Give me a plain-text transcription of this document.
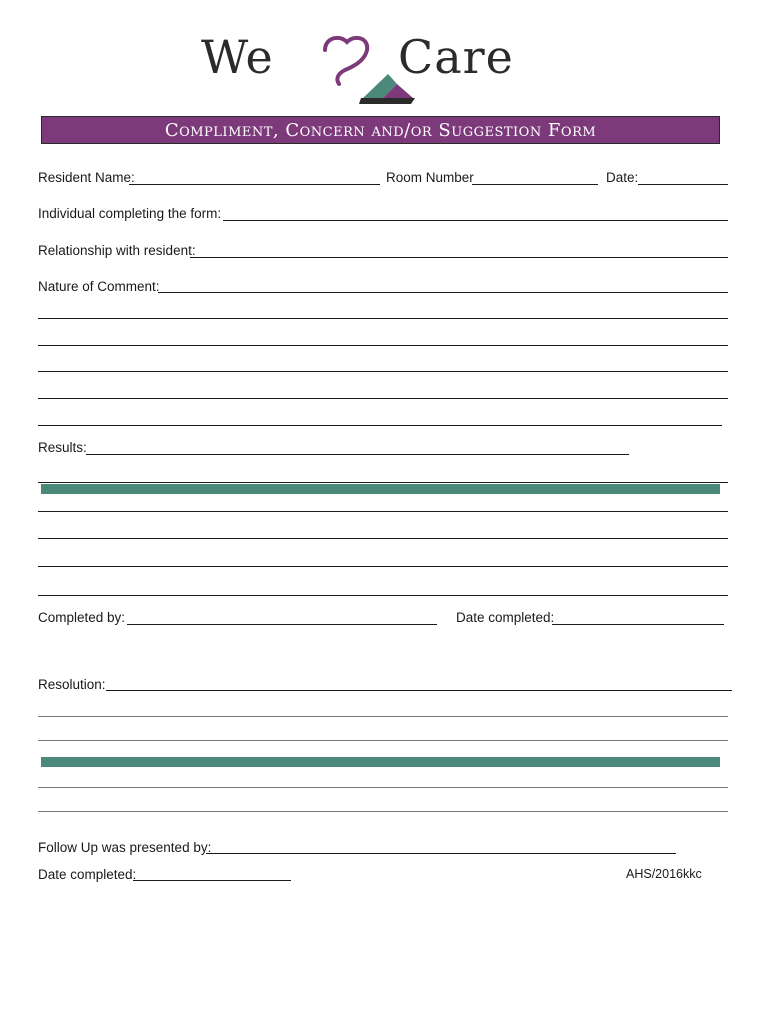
We	Care
Compliment, Concern and/or Suggestion Form
Resident Name:	Room Number	Date:
Individual completing the form:
Relationship with resident:
Nature of Comment:
Results:
Completed by:	Date completed:
Resolution:
Follow Up was presented by:
Date completed:	AHS/2016kkc
